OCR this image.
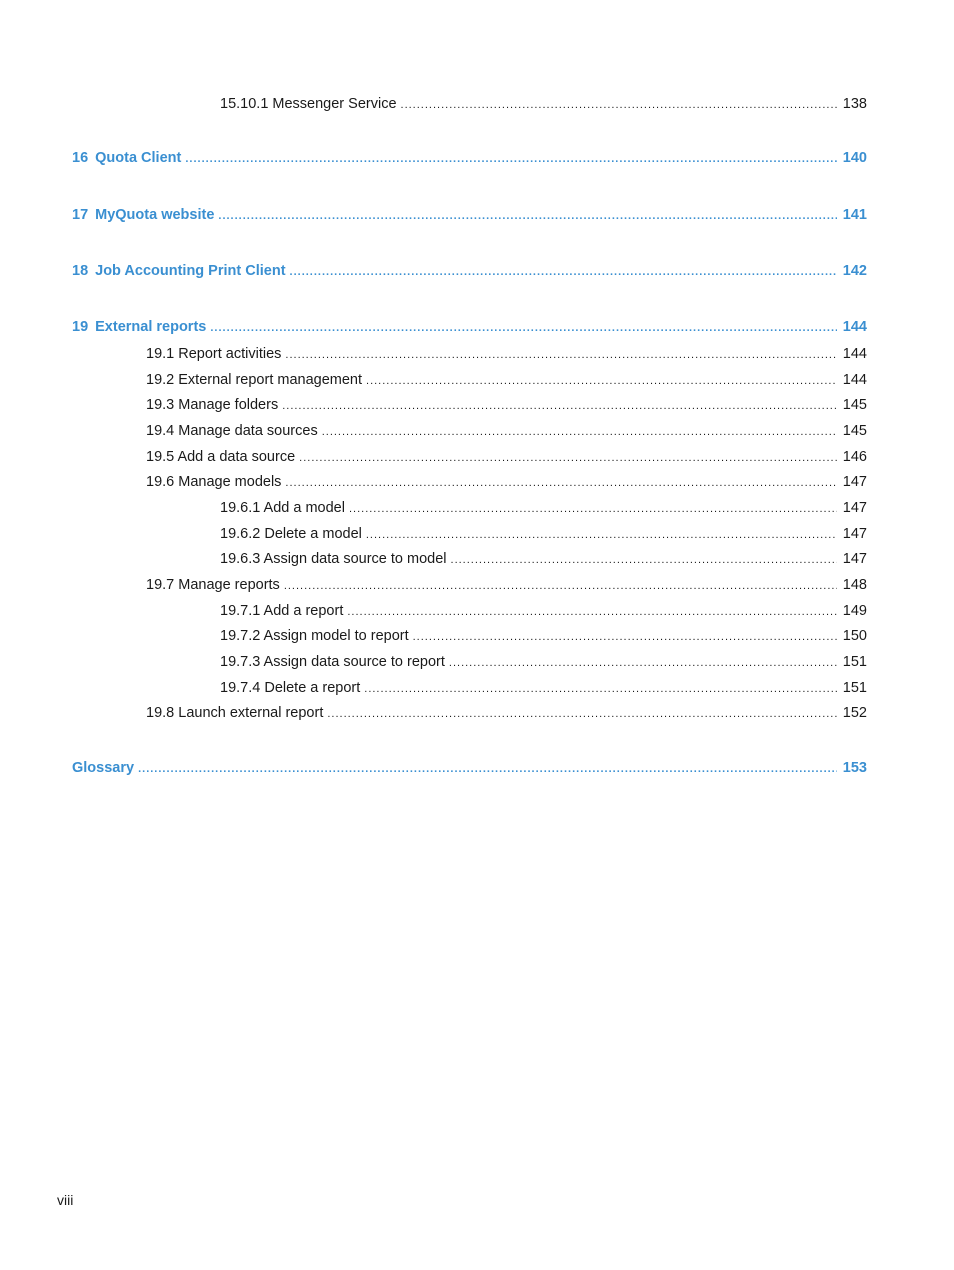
15.10.1 Messenger Service .....	138
16 Quota Client .....	140
17 MyQuota website .....	141
18 Job Accounting Print Client .....	142
19 External reports .....	144
19.1 Report activities .....	144
19.2 External report management .....	144
19.3 Manage folders .....	145
19.4 Manage data sources .....	145
19.5 Add a data source .....	146
19.6 Manage models .....	147
19.6.1 Add a model .....	147
19.6.2 Delete a model .....	147
19.6.3 Assign data source to model .....	147
19.7 Manage reports .....	148
19.7.1 Add a report .....	149
19.7.2 Assign model to report .....	150
19.7.3 Assign data source to report .....	151
19.7.4 Delete a report .....	151
19.8 Launch external report .....	152
Glossary .....	153
viii
